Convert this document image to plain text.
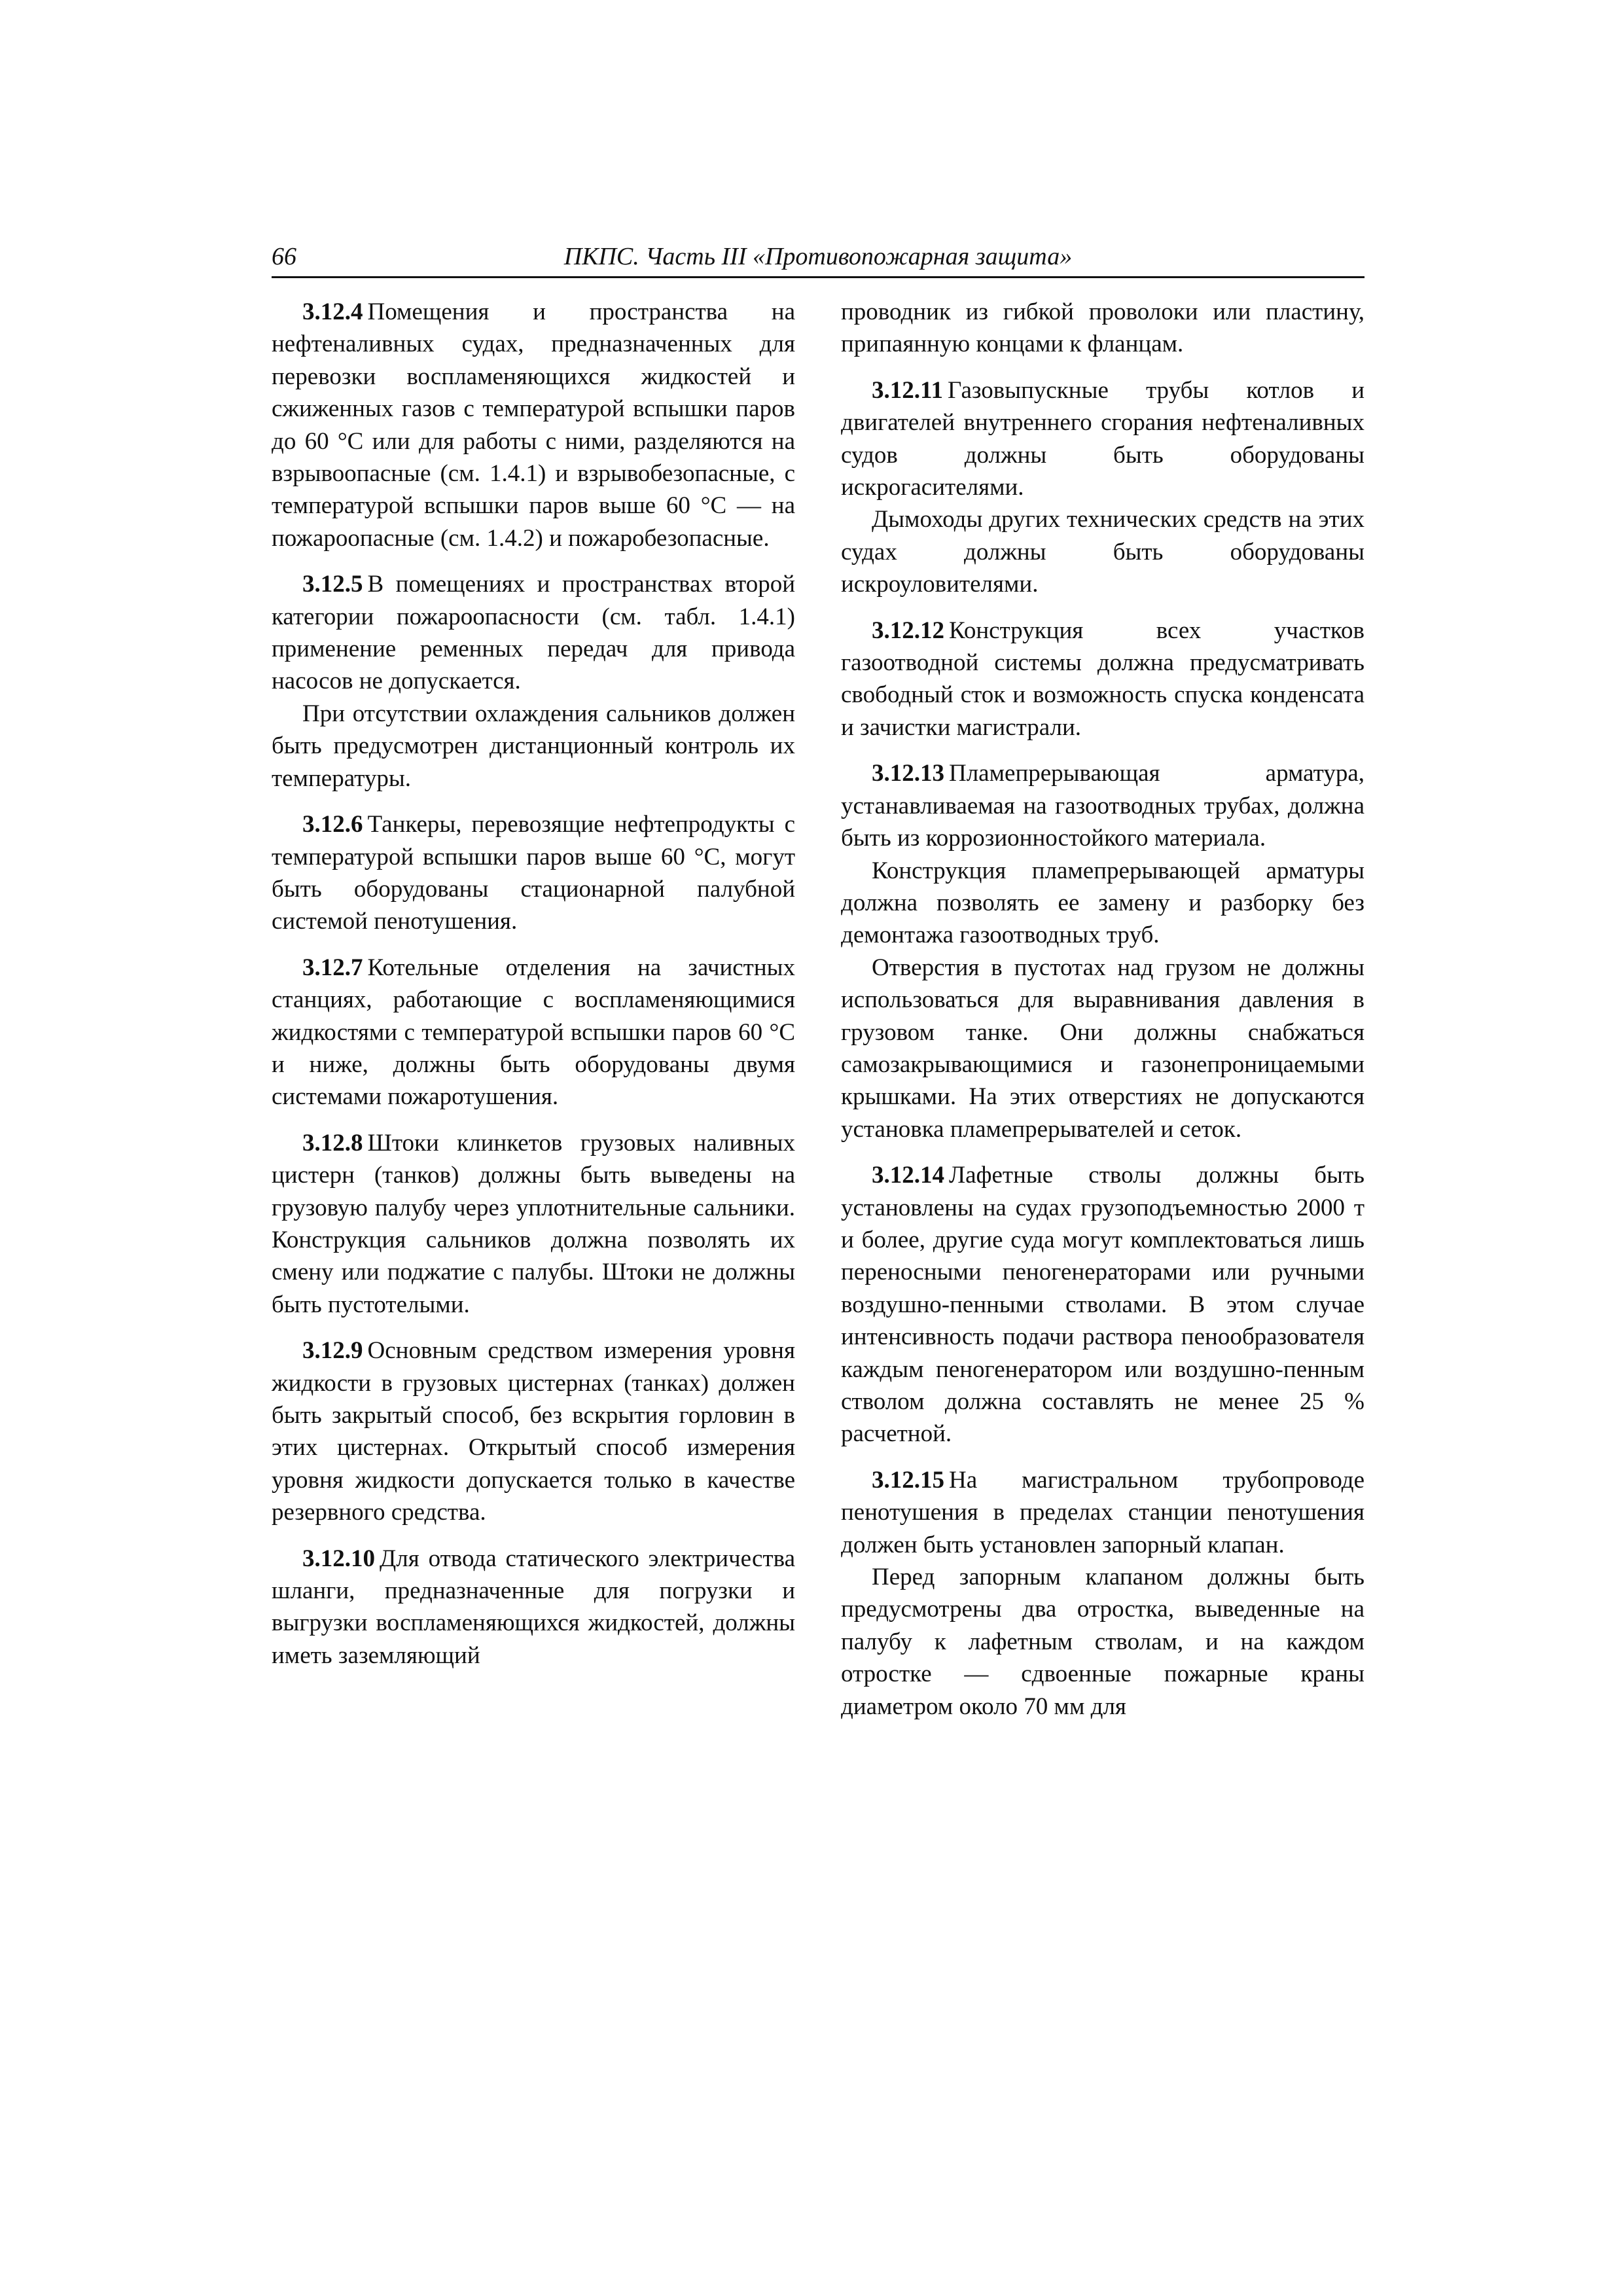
66	ПКПС. Часть III «Противопожарная защита»

3.12.4 Помещения и пространства на нефтеналивных судах, предназначенных для перевозки воспламеняющихся жидкостей и сжиженных газов с температурой вспышки паров до 60 °С или для работы с ними, разделяются на взрывоопасные (см. 1.4.1) и взрывобезопасные, с температурой вспышки паров выше 60 °С — на пожароопасные (см. 1.4.2) и пожаробезопасные.

3.12.5 В помещениях и пространствах второй категории пожароопасности (см. табл. 1.4.1) применение ременных передач для привода насосов не допускается.

При отсутствии охлаждения сальников должен быть предусмотрен дистанционный контроль их температуры.

3.12.6 Танкеры, перевозящие нефтепродукты с температурой вспышки паров выше 60 °С, могут быть оборудованы стационарной палубной системой пенотушения.

3.12.7 Котельные отделения на зачистных станциях, работающие с воспламеняющимися жидкостями с температурой вспышки паров 60 °С и ниже, должны быть оборудованы двумя системами пожаротушения.

3.12.8 Штоки клинкетов грузовых наливных цистерн (танков) должны быть выведены на грузовую палубу через уплотнительные сальники. Конструкция сальников должна позволять их смену или поджатие с палубы. Штоки не должны быть пустотелыми.

3.12.9 Основным средством измерения уровня жидкости в грузовых цистернах (танках) должен быть закрытый способ, без вскрытия горловин в этих цистернах. Открытый способ измерения уровня жидкости допускается только в качестве резервного средства.

3.12.10 Для отвода статического электричества шланги, предназначенные для погрузки и выгрузки воспламеняющихся жидкостей, должны иметь заземляющий

проводник из гибкой проволоки или пластину, припаянную концами к фланцам.

3.12.11 Газовыпускные трубы котлов и двигателей внутреннего сгорания нефтеналивных судов должны быть оборудованы искрогасителями.

Дымоходы других технических средств на этих судах должны быть оборудованы искроуловителями.

3.12.12 Конструкция всех участков газоотводной системы должна предусматривать свободный сток и возможность спуска конденсата и зачистки магистрали.

3.12.13 Пламепрерывающая арматура, устанавливаемая на газоотводных трубах, должна быть из коррозионностойкого материала.

Конструкция пламепрерывающей арматуры должна позволять ее замену и разборку без демонтажа газоотводных труб.

Отверстия в пустотах над грузом не должны использоваться для выравнивания давления в грузовом танке. Они должны снабжаться самозакрывающимися и газонепроницаемыми крышками. На этих отверстиях не допускаются установка пламепрерывателей и сеток.

3.12.14 Лафетные стволы должны быть установлены на судах грузоподъемностью 2000 т и более, другие суда могут комплектоваться лишь переносными пеногенераторами или ручными воздушно-пенными стволами. В этом случае интенсивность подачи раствора пенообразователя каждым пеногенератором или воздушно-пенным стволом должна составлять не менее 25 % расчетной.

3.12.15 На магистральном трубопроводе пенотушения в пределах станции пенотушения должен быть установлен запорный клапан.

Перед запорным клапаном должны быть предусмотрены два отростка, выведенные на палубу к лафетным стволам, и на каждом отростке — сдвоенные пожарные краны диаметром около 70 мм для
